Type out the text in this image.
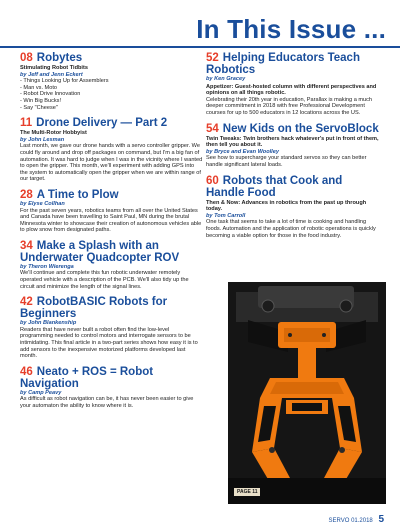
In This Issue ...
08 Robytes
Stimulating Robot Tidbits
by Jeff and Jenn Eckert
- Things Looking Up for Assemblers
- Man vs. Moto
- Robot Drive Innovation
- Win Big Bucks!
- Say "Cheese"
11 Drone Delivery — Part 2
The Multi-Rotor Hobbyist
by John Lesman
Last month, we gave our drone hands with a servo controller gripper. We could fly around and drop off packages on command, but I'm a big fan of automation. It was hard to judge when I was in the vicinity where I wanted to open the gripper. This month, we'll experiment with adding GPS into the system to automatically open the gripper when we are within range of our target.
28 A Time to Plow
by Elyse Collhan
For the past seven years, robotics teams from all over the United States and Canada have been travelling to Saint Paul, MN during the brutal Minnesota winter to showcase their creation of autonomous vehicles able to plow snow from designated paths.
34 Make a Splash with an Underwater Quadcopter ROV
by Theron Wierenga
We'll continue and complete this fun robotic underwater remotely operated vehicle with a description of the PCB. We'll also tidy up the circuit and minimize the length of the signal lines.
42 RobotBASIC Robots for Beginners
by John Blankenship
Readers that have never built a robot often find the low-level programming needed to control motors and interrogate sensors to be intimidating. This final article in a two-part series shows how easy it is to add sensors to the inexpensive motorized platforms developed last month.
46 Neato + ROS = Robot Navigation
by Camp Peavy
As difficult as robot navigation can be, it has never been easier to give your automaton the ability to know where it is.
52 Helping Educators Teach Robotics
by Ken Gracey
Appetizer: Guest-hosted column with different perspectives and opinions on all things robotic.
Celebrating their 20th year in education, Parallax is making a much deeper commitment in 2018 with free Professional Development courses for up to 500 educators in 12 locations across the US.
54 New Kids on the ServoBlock
Twin Tweaks: Twin brothers hack whatever's put in front of them, then tell you about it.
by Bryce and Evan Woolley
See how to supercharge your standard servos so they can better handle significant lateral loads.
60 Robots that Cook and Handle Food
Then & Now: Advances in robotics from the past up through today.
by Tom Carroll
One task that seems to take a lot of time is cooking and handling foods. Automation and the application of robotic operations is quickly becoming a viable option for those in the food industry.
PAGE 11
SERVO 01.2018 5
